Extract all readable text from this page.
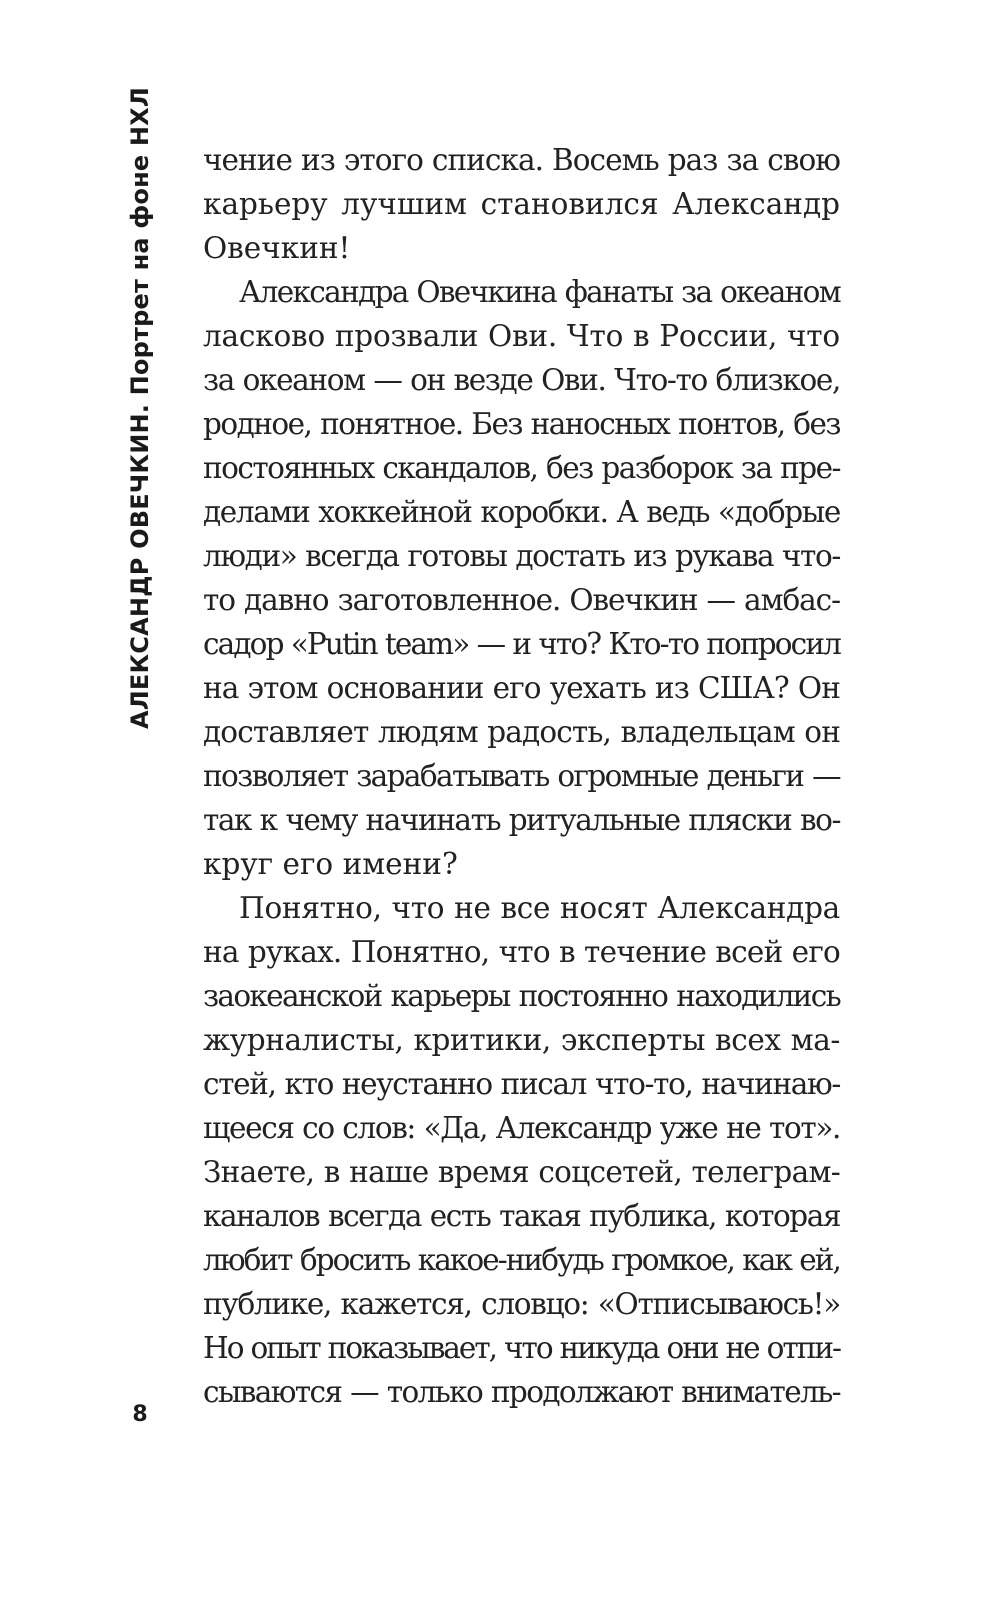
АЛЕКСАНДР ОВЕЧКИН. Портрет на фоне НХЛ
8
чение из этого списка. Восемь раз за свою
карьеру лучшим становился Александр
Овечкин!
Александра Овечкина фанаты за океаном
ласково прозвали Ови. Что в России, что
за океаном — он везде Ови. Что-то близкое,
родное, понятное. Без наносных понтов, без
постоянных скандалов, без разборок за пре-
делами хоккейной коробки. А ведь «добрые
люди» всегда готовы достать из рукава что-
то давно заготовленное. Овечкин — амбас-
садор «Putin team» — и что? Кто-то попросил
на этом основании его уехать из США? Он
доставляет людям радость, владельцам он
позволяет зарабатывать огромные деньги —
так к чему начинать ритуальные пляски во-
круг его имени?
Понятно, что не все носят Александра
на руках. Понятно, что в течение всей его
заокеанской карьеры постоянно находились
журналисты, критики, эксперты всех ма-
стей, кто неустанно писал что-то, начинаю-
щееся со слов: «Да, Александр уже не тот».
Знаете, в наше время соцсетей, телеграм-
каналов всегда есть такая публика, которая
любит бросить какое-нибудь громкое, как ей,
публике, кажется, словцо: «Отписываюсь!»
Но опыт показывает, что никуда они не отпи-
сываются — только продолжают вниматель-
